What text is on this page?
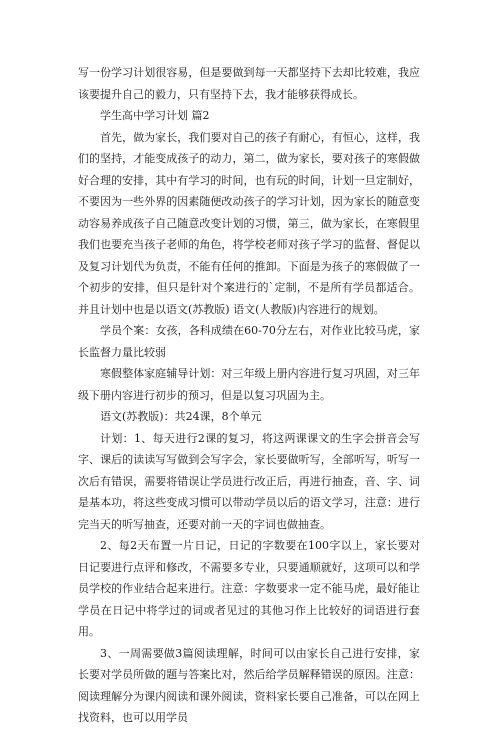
写一份学习计划很容易，但是要做到每一天都坚持下去却比较难，我应该要提升自己的毅力，只有坚持下去，我才能够获得成长。

学生高中学习计划 篇2

首先，做为家长，我们要对自己的孩子有耐心，有恒心，这样，我们的坚持，才能变成孩子的动力，第二，做为家长，要对孩子的寒假做好合理的安排，其中有学习的时间，也有玩的时间，计划一旦定制好，不要因为一些外界的因素随便改动孩子的学习计划，因为家长的随意变动容易养成孩子自己随意改变计划的习惯，第三，做为家长，在寒假里我们也要充当孩子老师的角色，将学校老师对孩子学习的监督、督促以及复习计划代为负责，不能有任何的推卸。下面是为孩子的寒假做了一个初步的安排，但只是针对个案进行的`定制，不是所有学员都适合。并且计划中也是以语文(苏教版) 语文(人教版)内容进行的规划。

学员个案：女孩，各科成绩在60-70分左右，对作业比较马虎，家长监督力量比较弱

寒假整体家庭辅导计划：对三年级上册内容进行复习巩固，对三年级下册内容进行初步的预习，但是以复习巩固为主。

语文(苏教版)：共24课，8个单元

计划：1、每天进行2课的复习，将这两课课文的生字会拼音会写字、课后的读读写写做到会写字会，家长要做听写，全部听写，听写一次后有错误，需要将错误让学员进行改正后，再进行抽查，音、字、词是基本功，将这些变成习惯可以带动学员以后的语文学习，注意：进行完当天的听写抽查，还要对前一天的字词也做抽查。

2、每2天布置一片日记，日记的字数要在100字以上，家长要对日记要进行点评和修改，不需要多专业，只要通顺就好，这项可以和学员学校的作业结合起来进行。注意：字数要求一定不能马虎，最好能让学员在日记中将学过的词或者见过的其他习作上比较好的词语进行套用。

3、一周需要做3篇阅读理解，时间可以由家长自己进行安排，家长要对学员所做的题与答案比对，然后给学员解释错误的原因。注意：阅读理解分为课内阅读和课外阅读，资料家长要自己准备，可以在网上找资料，也可以用学员
